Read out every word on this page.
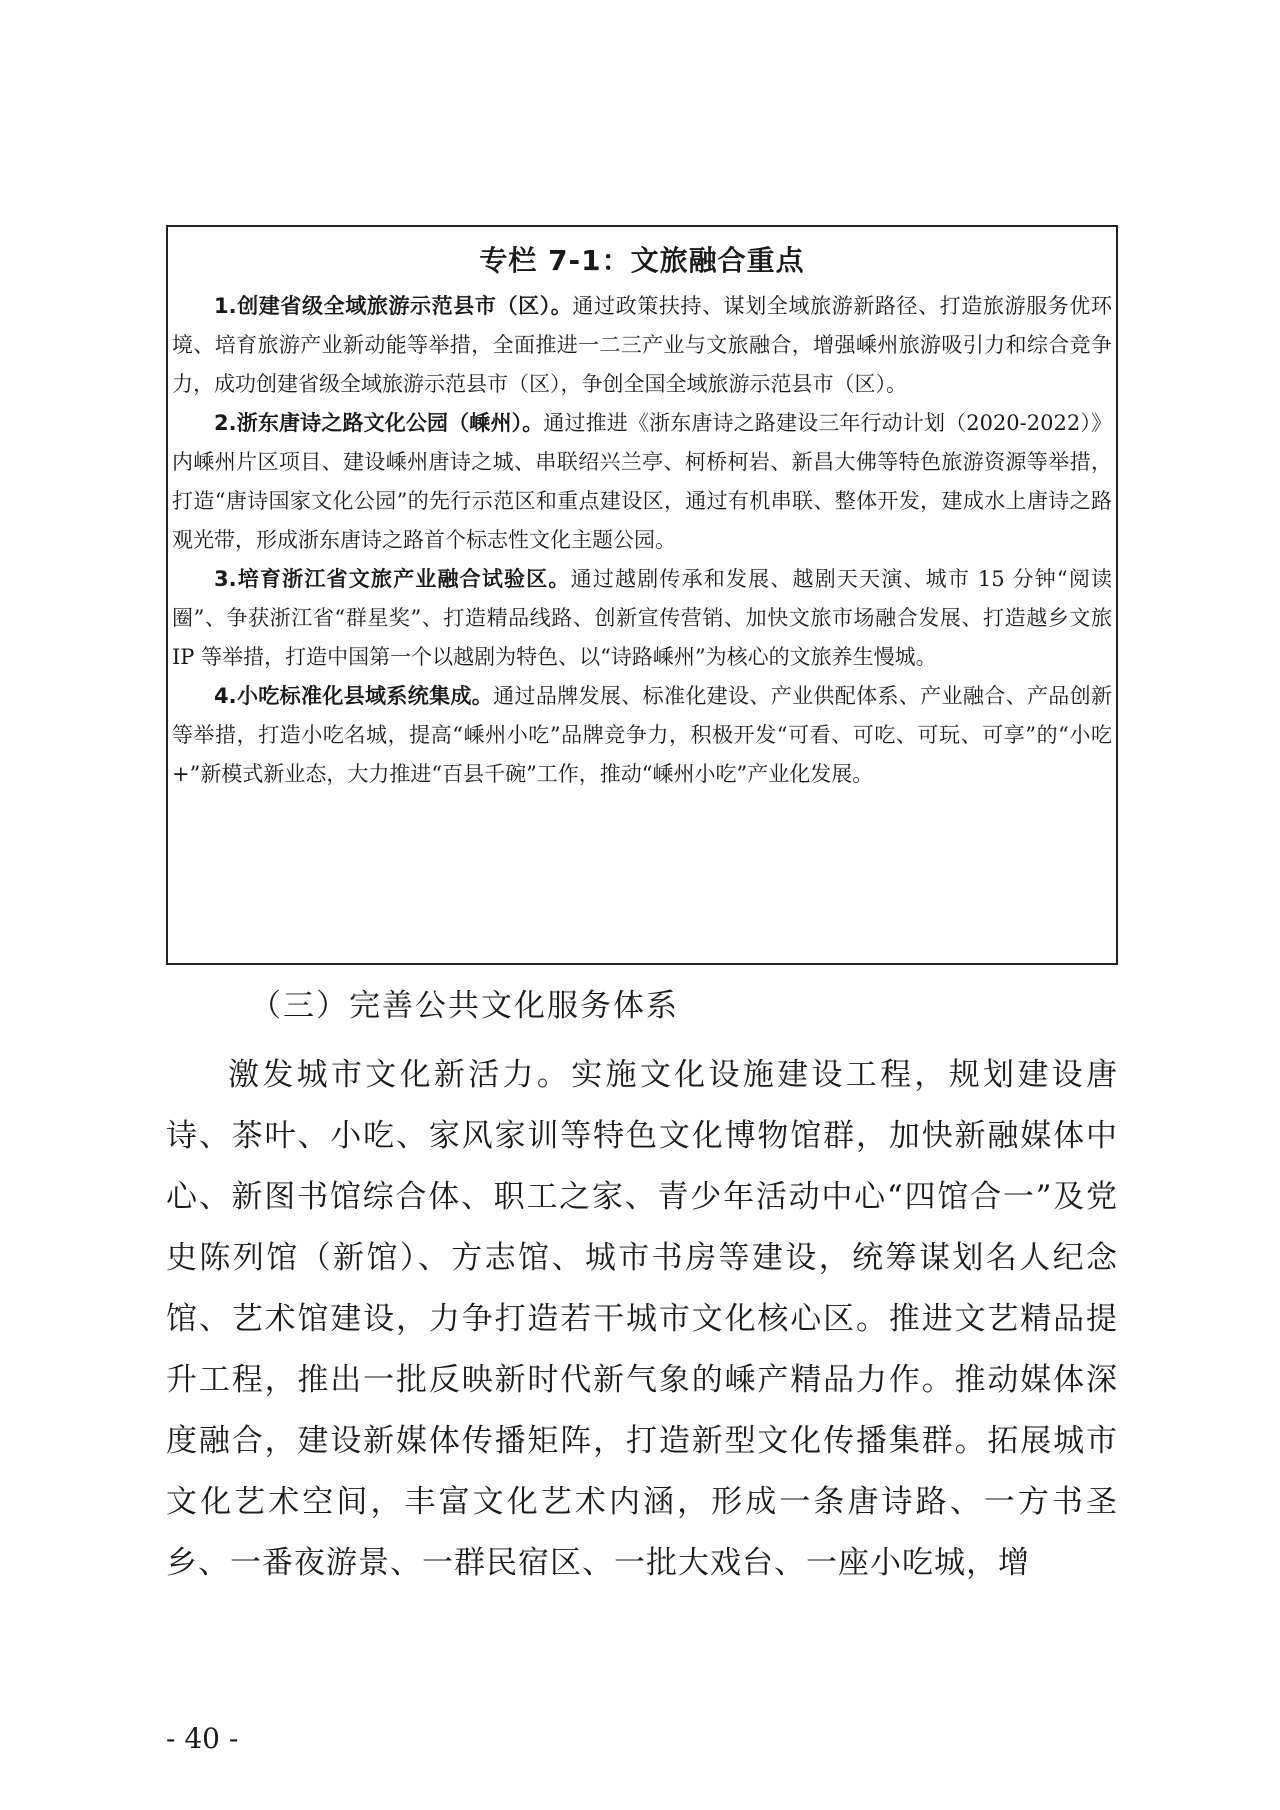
专栏 7-1：文旅融合重点

1.创建省级全域旅游示范县市（区）。通过政策扶持、谋划全域旅游新路径、打造旅游服务优环境、培育旅游产业新动能等举措，全面推进一二三产业与文旅融合，增强嵊州旅游吸引力和综合竞争力，成功创建省级全域旅游示范县市（区），争创全国全域旅游示范县市（区）。

2.浙东唐诗之路文化公园（嵊州）。通过推进《浙东唐诗之路建设三年行动计划（2020-2022）》内嵊州片区项目、建设嵊州唐诗之城、串联绍兴兰亭、柯桥柯岩、新昌大佛等特色旅游资源等举措，打造“唐诗国家文化公园”的先行示范区和重点建设区，通过有机串联、整体开发，建成水上唐诗之路观光带，形成浙东唐诗之路首个标志性文化主题公园。

3.培育浙江省文旅产业融合试验区。通过越剧传承和发展、越剧天天演、城市 15 分钟“阅读圈”、争获浙江省“群星奖”、打造精品线路、创新宣传营销、加快文旅市场融合发展、打造越乡文旅 IP 等举措，打造中国第一个以越剧为特色、以“诗路嵊州”为核心的文旅养生慢城。

4.小吃标准化县域系统集成。通过品牌发展、标准化建设、产业供配体系、产业融合、产品创新等举措，打造小吃名城，提高“嵊州小吃”品牌竞争力，积极开发“可看、可吃、可玩、可享”的“小吃+”新模式新业态，大力推进“百县千碗”工作，推动“嵊州小吃”产业化发展。

（三）完善公共文化服务体系

激发城市文化新活力。实施文化设施建设工程，规划建设唐诗、茶叶、小吃、家风家训等特色文化博物馆群，加快新融媒体中心、新图书馆综合体、职工之家、青少年活动中心“四馆合一”及党史陈列馆（新馆）、方志馆、城市书房等建设，统筹谋划名人纪念馆、艺术馆建设，力争打造若干城市文化核心区。推进文艺精品提升工程，推出一批反映新时代新气象的嵊产精品力作。推动媒体深度融合，建设新媒体传播矩阵，打造新型文化传播集群。拓展城市文化艺术空间，丰富文化艺术内涵，形成一条唐诗路、一方书圣乡、一番夜游景、一群民宿区、一批大戏台、一座小吃城，增

- 40 -
